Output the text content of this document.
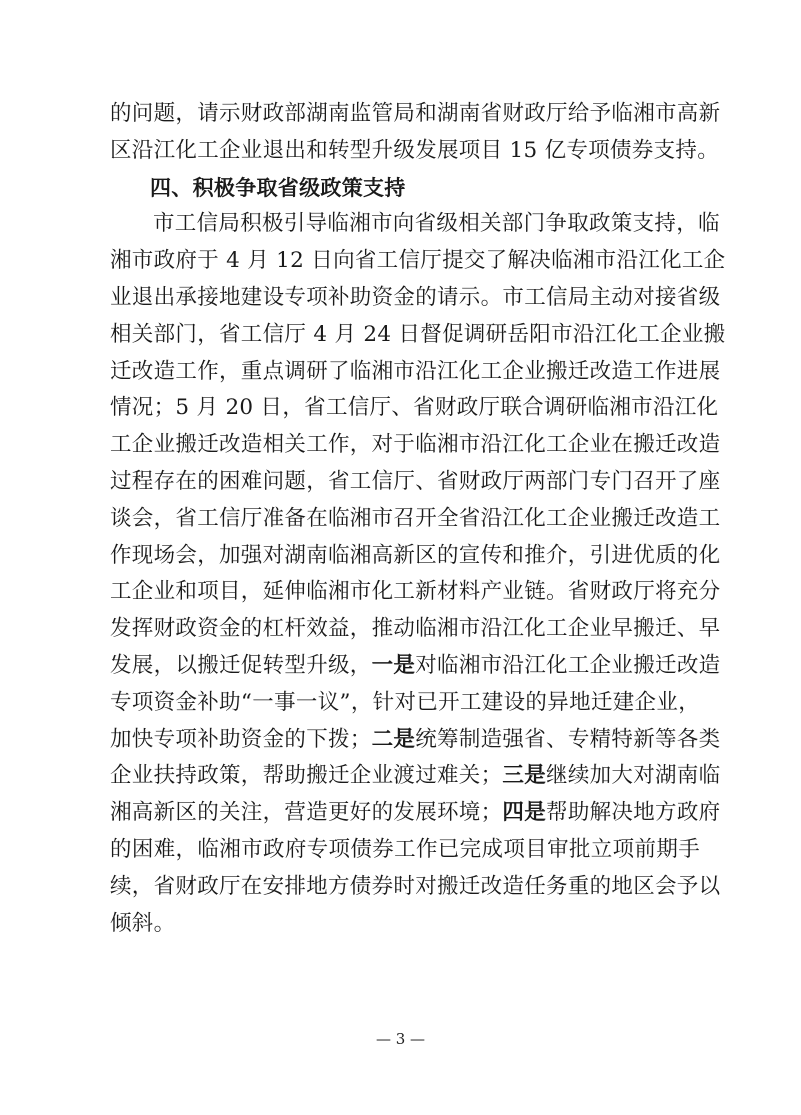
的问题，请示财政部湖南监管局和湖南省财政厅给予临湘市高新
区沿江化工企业退出和转型升级发展项目 15 亿专项债券支持。
四、积极争取省级政策支持
市工信局积极引导临湘市向省级相关部门争取政策支持，临
湘市政府于 4 月 12 日向省工信厅提交了解决临湘市沿江化工企
业退出承接地建设专项补助资金的请示。市工信局主动对接省级
相关部门，省工信厅 4 月 24 日督促调研岳阳市沿江化工企业搬
迁改造工作，重点调研了临湘市沿江化工企业搬迁改造工作进展
情况；5 月 20 日，省工信厅、省财政厅联合调研临湘市沿江化
工企业搬迁改造相关工作，对于临湘市沿江化工企业在搬迁改造
过程存在的困难问题，省工信厅、省财政厅两部门专门召开了座
谈会，省工信厅准备在临湘市召开全省沿江化工企业搬迁改造工
作现场会，加强对湖南临湘高新区的宣传和推介，引进优质的化
工企业和项目，延伸临湘市化工新材料产业链。省财政厅将充分
发挥财政资金的杠杆效益，推动临湘市沿江化工企业早搬迁、早
发展，以搬迁促转型升级，一是对临湘市沿江化工企业搬迁改造
专项资金补助“一事一议”，针对已开工建设的异地迁建企业，
加快专项补助资金的下拨；二是统筹制造强省、专精特新等各类
企业扶持政策，帮助搬迁企业渡过难关；三是继续加大对湖南临
湘高新区的关注，营造更好的发展环境；四是帮助解决地方政府
的困难，临湘市政府专项债券工作已完成项目审批立项前期手
续，省财政厅在安排地方债券时对搬迁改造任务重的地区会予以
倾斜。
— 3 —
